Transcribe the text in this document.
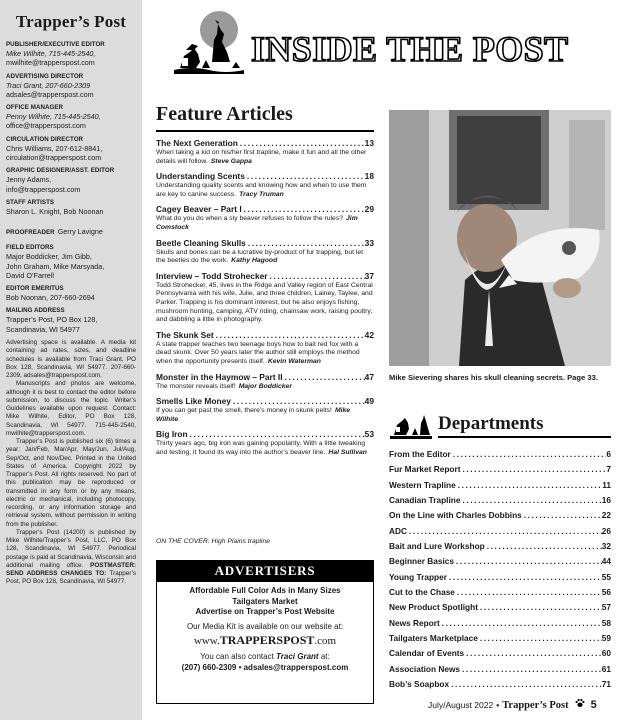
Trapper’s Post
PUBLISHER/EXECUTIVE EDITOR
Mike Wilhite, 715-445-2540,
mwilhite@trapperspost.com
ADVERTISING DIRECTOR
Traci Grant, 207-660-2309
adsales@trapperspost.com
OFFICE MANAGER
Penny Wilhite, 715-445-2540,
office@trapperspost.com
CIRCULATION DIRECTOR
Chris Williams, 207-612-8841,
circulation@trapperspost.com
GRAPHIC DESIGNER/ASST. EDITOR
Jenny Adams,
info@trapperspost.com
STAFF ARTISTS
Sharon L. Knight, Bob Noonan
PROOFREADER Gerry Lavigne
FIELD EDITORS
Major Boddicker, Jim Gibb,
John Graham, Mike Marsyada,
David O’Farrell
EDITOR EMERITUS
Bob Noonan, 207-660-2694
MAILING ADDRESS
Trapper’s Post, PO Box 128,
Scandinavia, WI 54977

Advertising space is available. A media kit containing ad rates, sizes, and deadline schedules is available from Traci Grant, PO Box 128, Scandinavia, WI 54977. 207-660-2309, adsales@trapperspost.com.

Manuscripts and photos are welcome, although it is best to contact the editor before submission, to discuss the topic. Writer’s Guidelines available upon request. Contact: Mike Wilhite, Editor, PO Box 128, Scandinavia, WI 54977. 715-445-2540, mwilhite@trapperspost.com.

Trapper’s Post is published six (6) times a year: Jan/Feb, Mar/Apr, May/Jun, Jul/Aug, Sep/Oct, and Nov/Dec. Printed in the United States of America. Copyright 2022 by Trapper’s Post. All rights reserved. No part of this publication may be reproduced or transmitted in any form or by any means, electric or mechanical, including photocopy, recording, or any information storage and retrieval system, without permission in writing from the publisher.

Trapper’s Post (14200) is published by Mike Wilhite/Trapper’s Post, LLC, PO Box 128, Scandinavia, WI 54977. Periodical postage is paid at Scandinavia, Wisconsin and additional mailing office. POSTMASTER: SEND ADDRESS CHANGES TO: Trapper’s Post, PO Box 128, Scandinavia, WI 54977.

INSIDE THE POST
Feature Articles
The Next Generation .....	13
When taking a kid on his/her first trapline, make it fun and all the other details will follow. Steve Gappa
Understanding Scents .....	18
Understanding quality scents and knowing how and when to use them are key to canine success. Tracy Truman
Cagey Beaver – Part I .....	29
What do you do when a sly beaver refuses to follow the rules? Jim Comstock
Beetle Cleaning Skulls .....	33
Skulls and bones can be a lucrative by-product of fur trapping, but let the beetles do the work. Kathy Hagood
Interview – Todd Strohecker .....	37
Todd Strohecker, 45, lives in the Ridge and Valley region of East Central Pennsylvania with his wife, Julie, and three children, Lainey, Taylee, and Parker. Trapping is his dominant interest, but he also enjoys fishing, mushroom hunting, camping, ATV riding, chainsaw work, raising poultry, and dabbling a little in photography.
The Skunk Set .....	42
A state trapper teaches two teenage boys how to bait red fox with a dead skunk. Over 50 years later the author still employs the method when the opportunity presents itself. Kevin Waterman
Monster in the Haymow – Part II .....	47
The monster reveals itself! Major Boddicker
Smells Like Money .....	49
If you can get past the smell, there’s money in skunk pelts! Mike Wilhite
Big Iron .....	53
Thirty years ago, big iron was gaining popularity. With a little tweaking and testing, it found its way into the author’s beaver line. Hal Sullivan
ON THE COVER: High Plains trapline
ADVERTISERS
Affordable Full Color Ads in Many Sizes
Tailgaters Market
Advertise on Trapper’s Post Website
Our Media Kit is available on our website at:
www.TRAPPERSPOST.com
You can also contact Traci Grant at:
(207) 660-2309 • adsales@trapperspost.com
Mike Sievering shares his skull cleaning secrets. Page 33.
Departments
From the Editor .....	6
Fur Market Report .....	7
Western Trapline .....	11
Canadian Trapline .....	16
On the Line with Charles Dobbins .....	22
ADC .....	26
Bait and Lure Workshop .....	32
Beginner Basics .....	44
Young Trapper .....	55
Cut to the Chase .....	56
New Product Spotlight .....	57
News Report .....	58
Tailgaters Marketplace .....	59
Calendar of Events .....	60
Association News .....	61
Bob’s Soapbox .....	71
July/August 2022 • Trapper’s Post 5
